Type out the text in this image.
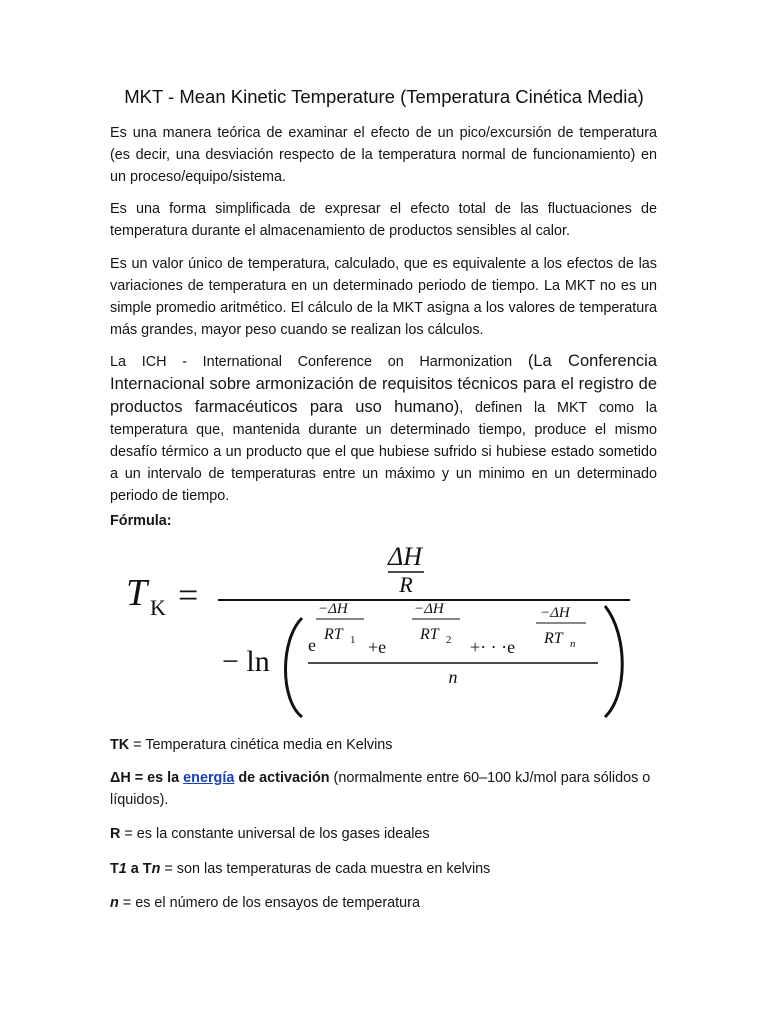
MKT - Mean Kinetic Temperature (Temperatura Cinética Media)

Es una manera teórica de examinar el efecto de un pico/excursión de temperatura (es decir, una desviación respecto de la temperatura normal de funcionamiento) en un proceso/equipo/sistema.

Es una forma simplificada de expresar el efecto total de las fluctuaciones de temperatura durante el almacenamiento de productos sensibles al calor.

Es un valor único de temperatura, calculado, que es equivalente a los efectos de las variaciones de temperatura en un determinado periodo de tiempo. La MKT no es un simple promedio aritmético. El cálculo de la MKT asigna a los valores de temperatura más grandes, mayor peso cuando se realizan los cálculos.

La ICH - International Conference on Harmonization (La Conferencia Internacional sobre armonización de requisitos técnicos para el registro de productos farmacéuticos para uso humano), definen la MKT como la temperatura que, mantenida durante un determinado tiempo, produce el mismo desafío térmico a un producto que el que hubiese sufrido si hubiese estado sometido a un intervalo de temperaturas entre un máximo y un minimo en un determinado periodo de tiempo.

Fórmula:

T K =
ΔH
R
− ln
−ΔH
RT 1
e	+e
−ΔH
RT 2 +· · ·e
−ΔH
RT n
n

TK = Temperatura cinética media en Kelvins

ΔH = es la energía de activación (normalmente entre 60–100 kJ/mol para sólidos o líquidos).

R = es la constante universal de los gases ideales

T1 a Tn = son las temperaturas de cada muestra en kelvins

n = es el número de los ensayos de temperatura
